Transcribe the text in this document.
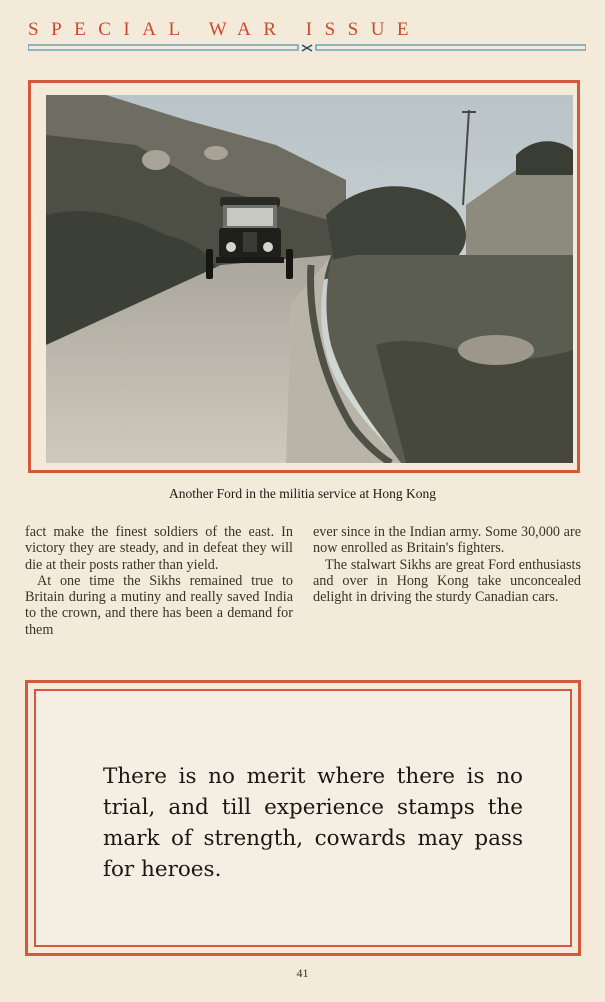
SPECIAL WAR ISSUE
Another Ford in the militia service at Hong Kong

fact make the finest soldiers of the east. In victory they are steady, and in defeat they will die at their posts rather than yield.

At one time the Sikhs remained true to Britain during a mutiny and really saved India to the crown, and there has been a demand for them

ever since in the Indian army. Some 30,000 are now enrolled as Britain's fighters.

The stalwart Sikhs are great Ford enthusiasts and over in Hong Kong take unconcealed delight in driving the sturdy Canadian cars.

There is no merit where there is no trial, and till experience stamps the mark of strength, cowards may pass for heroes.
41
